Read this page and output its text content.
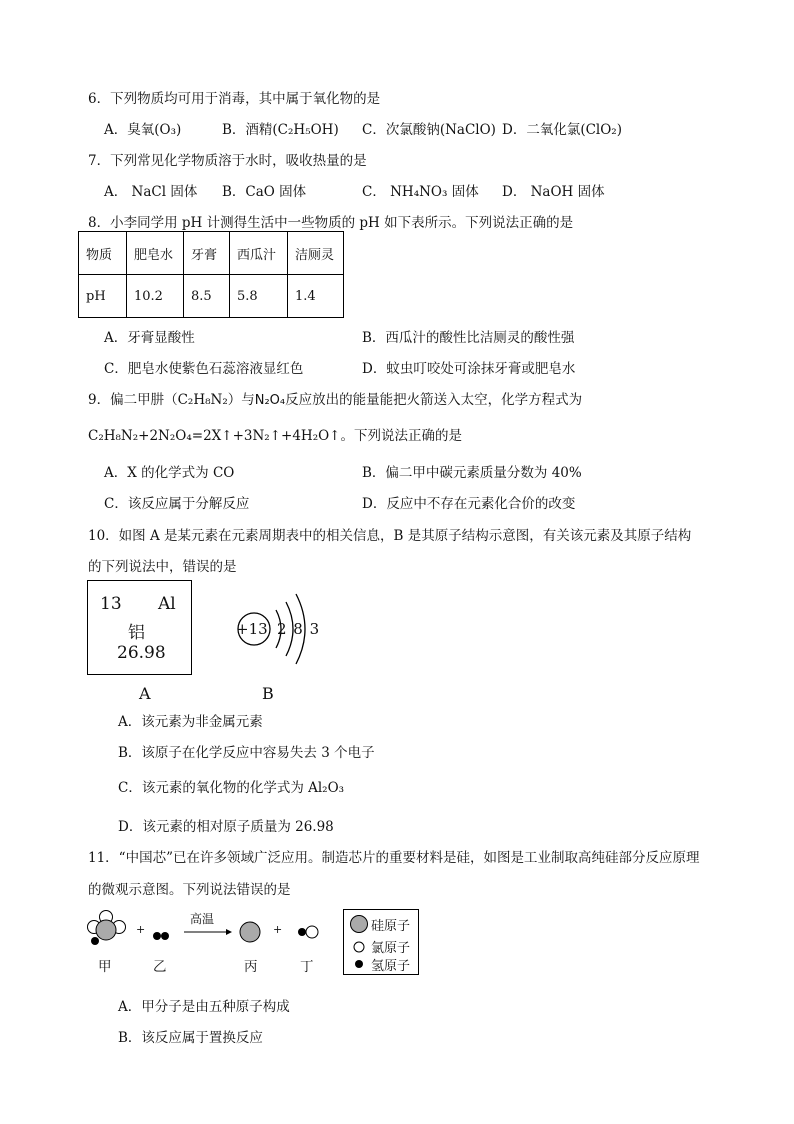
6．下列物质均可用于消毒，其中属于氧化物的是
A．臭氧(O₃)	B．酒精(C₂H₅OH) C．次氯酸钠(NaClO) D．二氧化氯(ClO₂)
7．下列常见化学物质溶于水时，吸收热量的是
A． NaCl 固体 B．CaO 固体	C． NH₄NO₃ 固体 D． NaOH 固体
8．小李同学用 pH 计测得生活中一些物质的 pH 如下表所示。下列说法正确的是
物质	肥皂水	牙膏	西瓜汁	洁厕灵
pH	10.2	8.5	5.8	1.4
A．牙膏显酸性	B．西瓜汁的酸性比洁厕灵的酸性强
C．肥皂水使紫色石蕊溶液显红色	D．蚊虫叮咬处可涂抹牙膏或肥皂水
9．偏二甲肼（C₂H₈N₂）与N₂O₄反应放出的能量能把火箭送入太空，化学方程式为
C₂H₈N₂+2N₂O₄=2X↑+3N₂↑+4H₂O↑。下列说法正确的是
A．X 的化学式为 CO	B．偏二甲中碳元素质量分数为 40%
C．该反应属于分解反应	D．反应中不存在元素化合价的改变
10．如图 A 是某元素在元素周期表中的相关信息，B 是其原子结构示意图，有关该元素及其原子结构
的下列说法中，错误的是
13 Al
铝
26.98
+13 2 8 3
A	B
A．该元素为非金属元素
B．该原子在化学反应中容易失去 3 个电子
C．该元素的氧化物的化学式为 Al₂O₃
D．该元素的相对原子质量为 26.98
11．“中国芯”已在许多领域广泛应用。制造芯片的重要材料是硅，如图是工业制取高纯硅部分反应原理
的微观示意图。下列说法错误的是
+	+
高温
甲	乙	丙	丁
硅原子
氯原子
氢原子
A．甲分子是由五种原子构成
B．该反应属于置换反应
